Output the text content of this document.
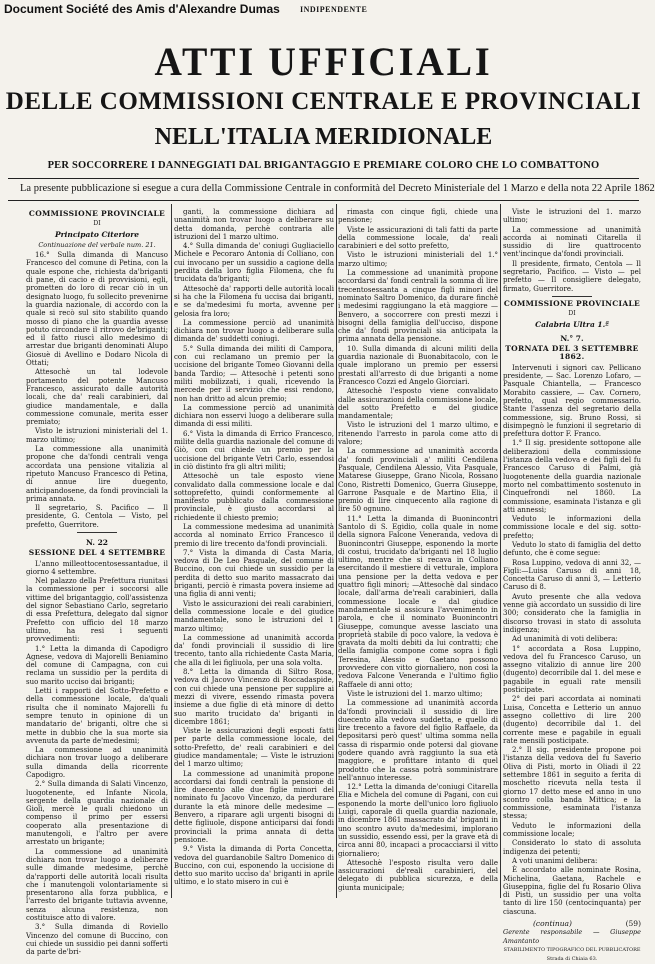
Document Société des Amis d'Alexandre Dumas	INDIPENDENTE
ATTI UFFICIALI
DELLE COMMISSIONI CENTRALE E PROVINCIALI
NELL'ITALIA MERIDIONALE
PER SOCCORRERE I DANNEGGIATI DAL BRIGANTAGGIO E PREMIARE COLORO CHE LO COMBATTONO
La presente pubblicazione si esegue a cura della Commissione Centrale in conformità del Decreto Ministeriale del 1 Marzo e della nota 22 Aprile 1862

COMMISSIONE PROVINCIALE

DI

Principato Citeriore

Continuazione del verbale num. 21.

16.° Sulla dimanda di Mancuso Francesco del comune di Petina, con la quale espone che, richiesta da'briganti di pane, di cacio e di provvisioni, egli, prometten do loro di recar ciò in un designato luogo, fu sollecito prevenirne la guardia nazionale, di accordo con la quale si recò sul sito stabilito quando mosso di piano che la guardia avesse potuto circondare il ritrovo de'briganti; ed il fatto riuscì allo medesimo di arrestar due briganti denominati Alupo Giosuè di Avellino e Dodaro Nicola di Ottati;

Attesochè un tal lodevole portamento del potente Mancuso Francesco, assicurato dalle autorità locali, che da' reali carabinieri, dal giudice mandamentale, e dalla commessione comunale, merita esser premiato;

Visto le istruzioni ministeriali del 1. marzo ultimo;

La commessione alla unanimità propone che da'fondi centrali venga accordata una pensione vitalizia al ripetuto Mancuso Francesco di Petina, di annue lire duegento, anticipandosene, da fondi provinciali la prima annata.

Il segretario, S. Pacifico — Il presidente, G. Centola — Visto, pel prefetto, Guerritore.

N. 22

SESSIONE DEL 4 SETTEMBRE

L'anno milleottocentosessantadue, il giorno 4 settembre.

Nel palazzo della Prefettura riunitasi la commessione per i soccorsi alle vittime del brigantaggio, coll'assistenza del signor Sebastiano Carlo, segretario di essa Prefettura, delegato dal signor Prefetto con ufficio del 18 marzo ultimo, ha resi i seguenti provvedimenti:

1.° Letta la dimanda di Capodigro Agnese, vedova di Majorelli Beniamino del comune di Campagna, con cui reclama un sussidio per la perdita di suo marito ucciso dai briganti;

Letti i rapporti del Sotto-Prefetto e della commessione locale, da'quali risulta che il nominato Majorelli fu sempre tenuto in opinione di un mandatario de' briganti, oltre che si mette in dubbio che la sua morte sia avvenuta da parte de'medesimi;

La commessione ad unanimità dichiara non trovar luogo a deliberare sulla dimanda della ricorrente Capodigro.

2.° Sulla dimanda di Salati Vincenzo, luogotenente, ed Infante Nicola, sergente della guardia nazionale di Giolì, mercè le quali chiedono un compenso il primo per essersi cooperato alla presentazione di manutengoli, e l'altro per avere arrestato un brigante;

La commessione ad unanimità dichiara non trovar luogo a deliberare sulle dimande medesime, perchè da'rapporti delle autorità locali risulta che i manutengoli volontariamente si presentarono alla forza pubblica, e l'arresto del brigante tuttavia avvenne, senza alcuna resistenza, non costituisce atto di valore.

3.° Sulla dimanda di Roviello Vincenzo del comune di Buccino, con cui chiede un sussidio pei danni sofferti da parte de'bri-

ganti, la commessione dichiara ad unanimità non trovar luogo a deliberare su detta domanda, perchè contraria alle istruzioni del 1 marzo ultimo.

4.° Sulla dimanda de' coniugi Gugliaciello Michele e Pecoraro Antonia di Colliano, con cui invocano per un sussidio a cagione della perdita della loro figlia Filomena, che fu trucidata da'briganti;

Attesochè da' rapporti delle autorità locali si ha che la Filomena fu uccisa dai briganti, e se da'medesimi fu morta, avvenne per gelosia fra loro;

La commessione perciò ad unanimità dichiara non trovar luogo a deliberare sulla dimanda de' suddetti coniugi.

5.° Sulla dimanda dei militi di Campora, con cui reclamano un premio per la uccisione del brigante Tomeo Giovanni della banda Tardio; — Attesochè i petenti sono militi mobilizzati, i quali, ricevendo la mercede per il servizio che essi rendono, non han dritto ad alcun premio;

La commessione perciò ad unanimità dichiara non esservi luogo a deliberare sulla dimanda di essi militi.

6.° Vista la dimanda di Errico Francesco, milite della guardia nazionale del comune di Giò, con cui chiede un premio per la uccisione del brigante Vetri Carlo, essendosi in ciò distinto fra gli altri militi;

Attesochè un tale esposto viene convalidato dalla commessione locale e dal sottoprefetto, quindi conformemente al manifesto pubblicato dalla commessione provinciale, è giusto accordarsi al richiedente il chiesto premio;

La commessione medesima ad unanimità accorda al nominato Errico Francesco il premio di lire trecento da'fondi provinciali.

7.° Vista la dimanda di Casta Maria, vedova di De Leo Pasquale, del comune di Buccino, con cui chiede un sussidio per la perdita di detto suo marito massacrato dai briganti, perciò è rimasta povera insieme ad una figlia di anni venti;

Visto le assicurazioni dei reali carabinieri, della commessione locale e del giudice mandamentale, sono le istruzioni del 1 marzo ultimo;

La commessione ad unanimità accorda da' fondi provinciali il sussidio di lire trecento, tanto alla richiedente Casta Maria, che alla di lei figliuola, per una sola volta.

8.° Letta la dimanda di Siltro Rosa, vedova di Jacovo Vincenzo di Roccadaspide, con cui chiede una pensione per supplire ai mezzi di vivere, essendo rimasta povera insieme a due figlie di età minore di detto suo marito trucidato da' briganti in dicembre 1861;

Viste le assicurazioni degli esposti fatti per parte della commessione locale, del sotto-Prefetto, de' reali carabinieri e del giudice mandamentale; — Viste le istruzioni del 1 marzo ultimo;

La commessione ad unanimità propone accordarsi dai fondi centrali la pensione di lire duecento alle due figlie minori del nominato fu Jacovo Vincenzo, da perdurare durante la età minore delle medesime — Benvero, a riparare agli urgenti bisogni di dette figliuole, dispone anticiparsi dai fondi provinciali la prima annata di detta pensione.

9.° Vista la dimanda di Porta Concetta, vedova del guardanobile Saltro Domenico di Buccino, con cui, esponendo la uccisione di detto suo marito ucciso da' briganti in aprile ultimo, e lo stato misero in cui è

rimasta con cinque figli, chiede una pensione;

Viste le assicurazioni di tali fatti da parte della commessione locale, da' reali carabinieri e del sotto prefetto,

Visto le istruzioni ministeriali del 1.° marzo ultimo;

La commessione ad unanimità propone accordarsi da' fondi centrali la somma di lire trecentosessanta a cinque figli minori del nominato Saltro Domenico, da durare finchè i medesimi raggiungano la età maggiore — Benvero, a soccorrere con presti mezzi i bisogni della famiglia dell'ucciso, dispone che da' fondi provinciali sia anticipata la prima annata della pensione.

10. Sulla dimanda di alcuni militi della guardia nazionale di Buonabitacolo, con le quale implorano un premio per essersi prestati all'arresto di due briganti a nome Francesco Cozzi ed Angelo Giorciari.

Attesochè l'esposto viene convalidato dalle assicurazioni della commissione locale, del sotto Prefetto e del giudice mandamentale;

Visto le istruzioni del 1 marzo ultimo, e ritenendo l'arresto in parola come atto di valore;

La commessione ad unanimità accorda da' fondi provinciali a' militi Cendilena Pasquale, Cendilena Alessio, Vita Pasquale, Matarese Giuseppe, Grano Nicola, Rossano Cono, Ristretti Domenico, Guerra Giuseppe, Garrone Pasquale e de Martino Elia, il premio di lire cinquecento alla ragione di lire 50 ognuno.

11.° Letta la dimanda di Buonincontri Santolo di S. Egidio, colla quale in nome della signora Falcone Veneranda, vedova di Buonincontri Giuseppe, esponendo la morte di costui, trucidato da'briganti nel 18 luglio ultimo, mentre che si recava in Colliano esercitando il mestiere di vetturale, implora una pensione per la detta vedova e per quattro figli minori; —Attesochè dal sindaco locale, dall'arma de'reali carabinieri, dalla commessione locale e dal giudice mandamentale si assicura l'avvenimento in parola, e che il nominato Buonincontri Giuseppe, comunque avesse lasciato una proprietà stabile di poco valore, la vedova è gravata da molti debiti da lui contratti; che della famiglia compone come sopra i figli Teresina, Alessio e Gaetano possono provvedere con vitto giornaliero, non così la vedova Falcone Veneranda e l'ultimo figlio Raffaele di anni otto;

Viste le istruzioni del 1. marzo ultimo;

La commessione ad unanimità accorda da'fondi provinciali il sussidio di lire duecento alla vedova suddetta, e quello di lire trecento a favore del figlio Raffaele, da depositarsi però quest' ultima somma nella cassa di risparmio onde potersi dal giovane godere quando avrà raggiunto la sua età maggiore, e profittare intanto di quel prodotto che la cassa potrà somministrare nell'annuo interesse.

12.° Letta la dimanda de'coniugi Citarella Elia e Michela del comune di Pagani, con cui esponendo la morte dell'unico loro figliuolo Luigi, caporale di quella guardia nazionale, in dicembre 1861 massacrato da' briganti in uno scontro avuto da'medesimi, implorano un sussidio, essendo essi, per la grave età di circa anni 80, incapaci a procacciarsi il vitto giornaliero;

Attesochè l'esposto risulta vero dalle assicurazioni de'reali carabinieri, del delegato di pubblica sicurezza, e della giunta municipale;

Viste le istruzioni del 1. marzo ultimo;

La commessione ad unanimità accorda ai nominati Citarella il sussidio di lire quattrocento vent'incinque da'fondi provinciali.

Il presidente, firmato, Centola — Il segretario, Pacifico. — Visto — pel prefetto — Il consigliere delegato, firmato, Guerritore.

COMMISSIONE PROVINCIALE

DI

Calabria Ultra 1.ª

N.° 7.

TORNATA DEL 3 SETTEMBRE 1862.

Intervenuti i signori cav. Pellicano presidente, — Sac. Lorenzo Lofaro, — Pasquale Chiantella, — Francesco Morabito cassiere, — Cav. Cornero, prefetto, qual regio commessario. Stante l'assenza del segretario della commessione, sig. Bruno Rossi, si disimpegnò le funzioni il segretario di prefettura dottor F. Franco.

1.° Il sig. presidente sottopone alle deliberazioni della commissione l'istanza della vedova e dei figli del fu Francesco Caruso di Palmi, già luogotenente della guardia nazionale morto nel combattimento sostenuto in Cinquefrondi nel 1860. La commissione, esaminata l'istanza e gli atti annessi;

Veduto le informazioni della commissione locale e del sig. sotto-prefetto;

Veduto lo stato di famiglia del detto defunto, che è come segue:

Rosa Luppino, vedova di anni 32, — Figli:—Luisa Caruso di anni 18, Concetta Caruso di anni 3, — Letterio Caruso di 8.

Avuto presente che alla vedova venne già accordato un sussidio di lire 300; considerato che la famiglia in discorso trovasi in stato di assoluta indigenza;

Ad unanimità di voti delibera:

1° accordata a Rosa Luppino, vedova del fu Francesco Caruso, un assegno vitalizio di annue lire 200 (dugento) decorribile dal 1. del mese e pagabile in eguali rate mensili posticipate.

2° dei pari accordata ai nominati Luisa, Concetta e Letterio un annuo assegno collettivo di lire 200 (dugento) decorribile dal 1. del corrente mese e pagabile in eguali rate mensili posticipate.

2.° Il sig. presidente propone poi l'istanza della vedova del fu Saverio Oliva di Pisti, morto in Oliadi il 22 settembre 1861 in seguito a ferita di moschetto ricevuta nella testa il giorno 17 detto mese ed anno in uno scontro colla banda Mittica; e la commissione, esaminata l'istanza stessa;

Veduto le informazioni della commissione locale;

Considerato lo stato di assoluta indigenza dei petenti;

A voti unanimi delibera:

È accordato alle nominate Rosina, Michelina, Gaetana, Rachele e Giuseppina, figlie del fu Rosario Oliva di Pisti, un sussidio per una volta tanto di lire 150 (centocinquanta) per ciascuna.

(continua)	(59)

Gerente responsabile — Giuseppe Amantanto

STABILIMENTO TIPOGRAFICO DEL PUBBLICATORE

Strada di Chiaia 63.
